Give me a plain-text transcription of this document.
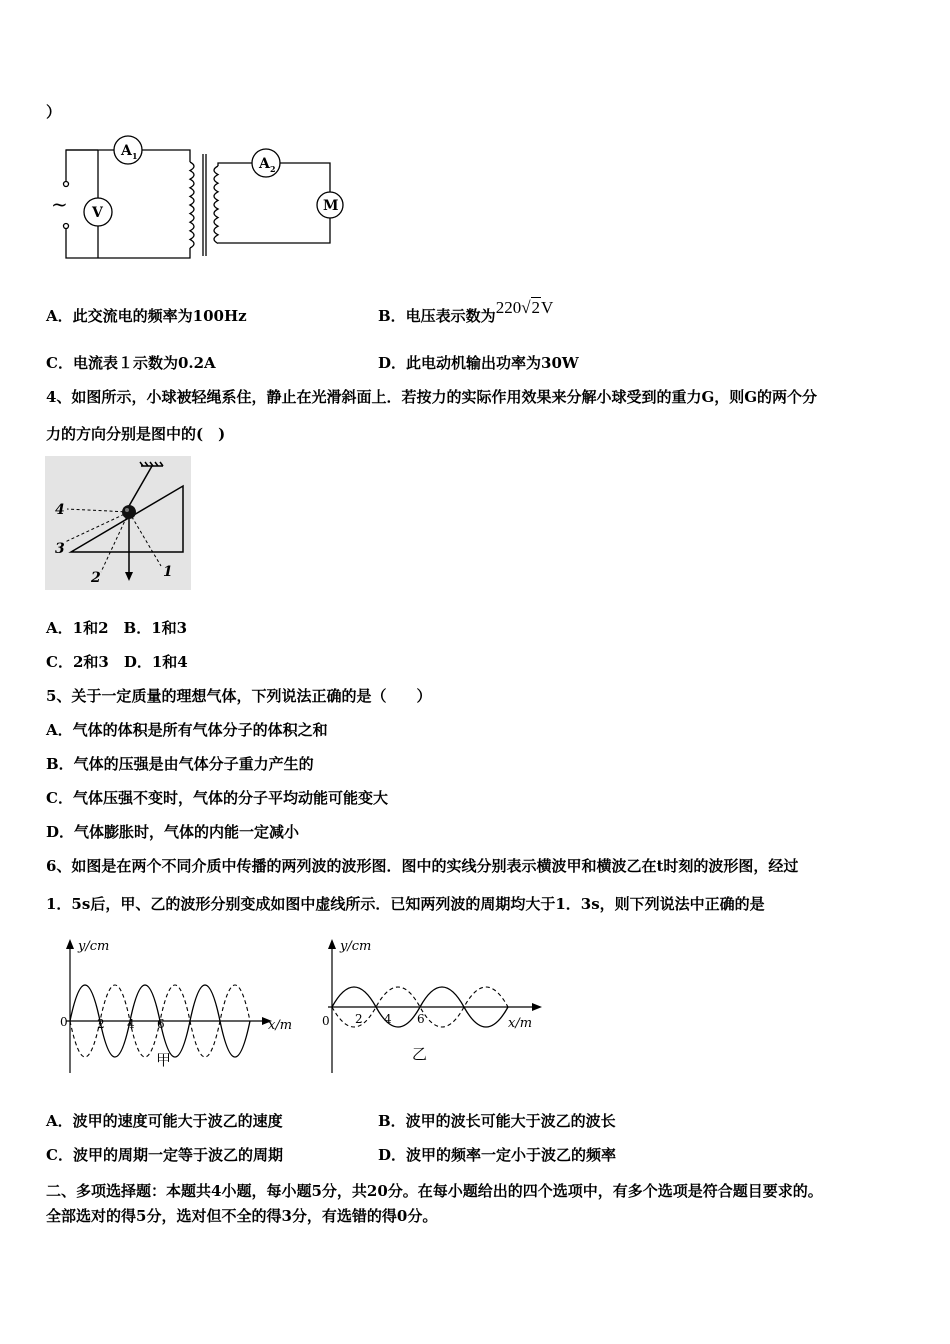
）
~
A 1	A 2
V	M
A．此交流电的频率为100Hz	B．电压表示数为220√2V
C．电流表１示数为0.2A	D．此电动机输出功率为30W
4、如图所示，小球被轻绳系住，静止在光滑斜面上．若按力的实际作用效果来分解小球受到的重力G，则G的两个分
力的方向分别是图中的(　)
4
3
2	1
A．1和2　B．1和3
C．2和3　D．1和4
5、关于一定质量的理想气体，下列说法正确的是（　　）
A．气体的体积是所有气体分子的体积之和
B．气体的压强是由气体分子重力产生的
C．气体压强不变时，气体的分子平均动能可能变大
D．气体膨胀时，气体的内能一定减小
6、如图是在两个不同介质中传播的两列波的波形图．图中的实线分别表示横波甲和横波乙在t时刻的波形图，经过
1．5s后，甲、乙的波形分别变成如图中虚线所示．已知两列波的周期均大于1．3s，则下列说法中正确的是
y/cm
x/m
0 2 4 6
甲
y/cm
x/m
0 2 4 6
乙
A．波甲的速度可能大于波乙的速度	B．波甲的波长可能大于波乙的波长
C．波甲的周期一定等于波乙的周期	D．波甲的频率一定小于波乙的频率
二、多项选择题：本题共4小题，每小题5分，共20分。在每小题给出的四个选项中，有多个选项是符合题目要求的。
全部选对的得5分，选对但不全的得3分，有选错的得0分。
